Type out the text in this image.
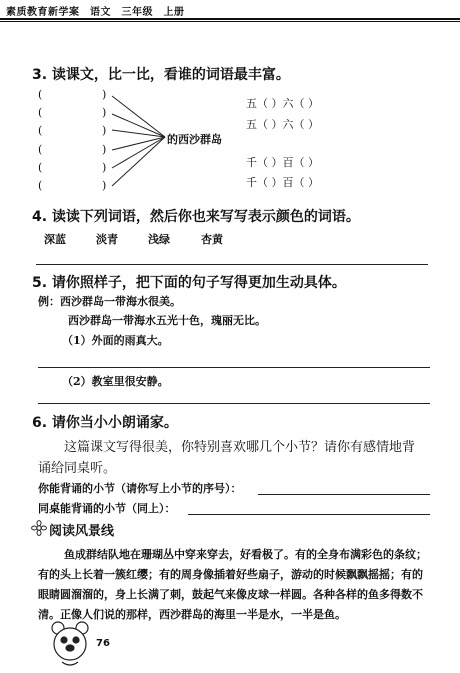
素质教育新学案　语文　三年级　上册
3. 读课文，比一比，看谁的词语最丰富。
(	)
(	)
(	)
(	)
(	)
(	)
的西沙群岛
五（ ）六（ ）
五（ ）六（ ）
千（ ）百（ ）
千（ ）百（ ）
4. 读读下列词语，然后你也来写写表示颜色的词语。
深蓝	淡青	浅绿	杏黄
5. 请你照样子，把下面的句子写得更加生动具体。
例：西沙群岛一带海水很美。
西沙群岛一带海水五光十色，瑰丽无比。
（1）外面的雨真大。
（2）教室里很安静。
6. 请你当小小朗诵家。
这篇课文写得很美，你特别喜欢哪几个小节？请你有感情地背
诵给同桌听。
你能背诵的小节（请你写上小节的序号）：
同桌能背诵的小节（同上）：
阅读风景线
鱼成群结队地在珊瑚丛中穿来穿去，好看极了。有的全身布满彩色的条纹；
有的头上长着一簇红缨；有的周身像插着好些扇子，游动的时候飘飘摇摇；有的
眼睛圆溜溜的，身上长满了刺，鼓起气来像皮球一样圆。各种各样的鱼多得数不
清。正像人们说的那样，西沙群岛的海里一半是水，一半是鱼。
76
